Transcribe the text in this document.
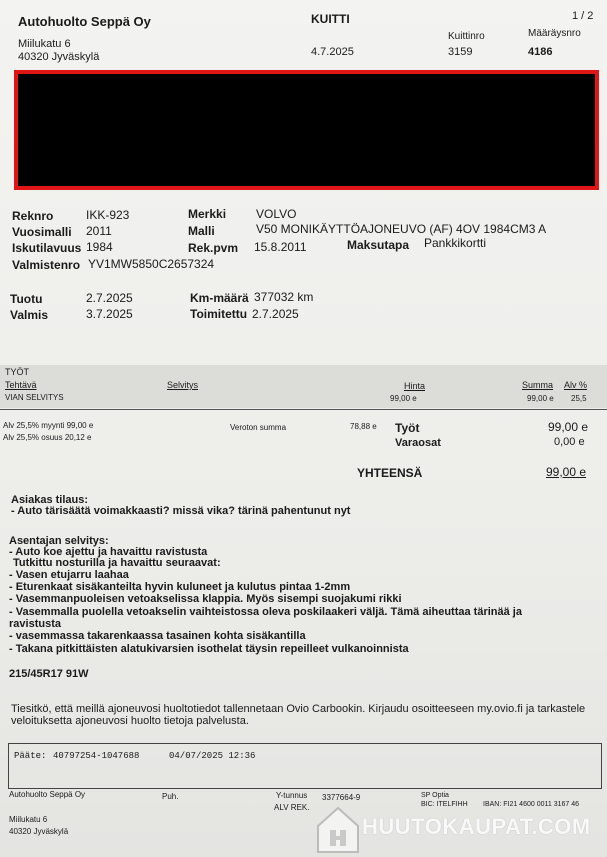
Autohuolto Seppä Oy
Miilukatu 6
40320 Jyväskylä
KUITTI
4.7.2025
1 / 2
Kuittinro
3159
Määräysnro
4186
Reknro	IKK-923
Vuosimalli 2011
Iskutilavuus 1984
Valmistenro YV1MW5850C2657324
Merkki VOLVO
Malli	V50 MONIKÄYTTÖAJONEUVO (AF) 4OV 1984CM3 A
Rek.pvm 15.8.2011	Maksutapa Pankkikortti
Tuotu	2.7.2025
Valmis	3.7.2025
Km-määrä 377032 km
Toimitettu 2.7.2025
TYÖT
Tehtävä	Selvitys	Hinta	Summa Alv %
VIAN SELVITYS	99,00 e	99,00 e 25,5
Alv 25,5% myynti 99,00 e
Alv 25,5% osuus 20,12 e
Veroton summa	78,88 e Työt	99,00 e
Varaosat	0,00 e
YHTEENSÄ	99,00 e
Asiakas tilaus:
- Auto tärisäätä voimakkaasti? missä vika? tärinä pahentunut nyt
Asentajan selvitys:
- Auto koe ajettu ja havaittu ravistusta
Tutkittu nosturilla ja havaittu seuraavat:
- Vasen etujarru laahaa
- Eturenkaat sisäkanteilta hyvin kuluneet ja kulutus pintaa 1-2mm
- Vasemmanpuoleisen vetoakselissa klappia. Myös sisempi suojakumi rikki
- Vasemmalla puolella vetoakselin vaihteistossa oleva poskilaakeri väljä. Tämä aiheuttaa tärinää ja
ravistusta
- vasemmassa takarenkaassa tasainen kohta sisäkantilla
- Takana pitkittäisten alatukivarsien isothelat täysin repeilleet vulkanoinnista
215/45R17 91W
Tiesitkö, että meillä ajoneuvosi huoltotiedot tallennetaan Ovio Carbookin. Kirjaudu osoitteeseen my.ovio.fi ja tarkastele
veloituksetta ajoneuvosi huolto tietoja palvelusta.
Pääte: 40797254-1047688	04/07/2025 12:36
Autohuolto Seppä Oy
Miilukatu 6
40320 Jyväskylä
Puh.	Y-tunnus 3377664-9
ALV REK.
SP Optia
BIC: ITELFIHH IBAN: FI21 4600 0011 3167 46
HUUTOKAUPAT.COM
